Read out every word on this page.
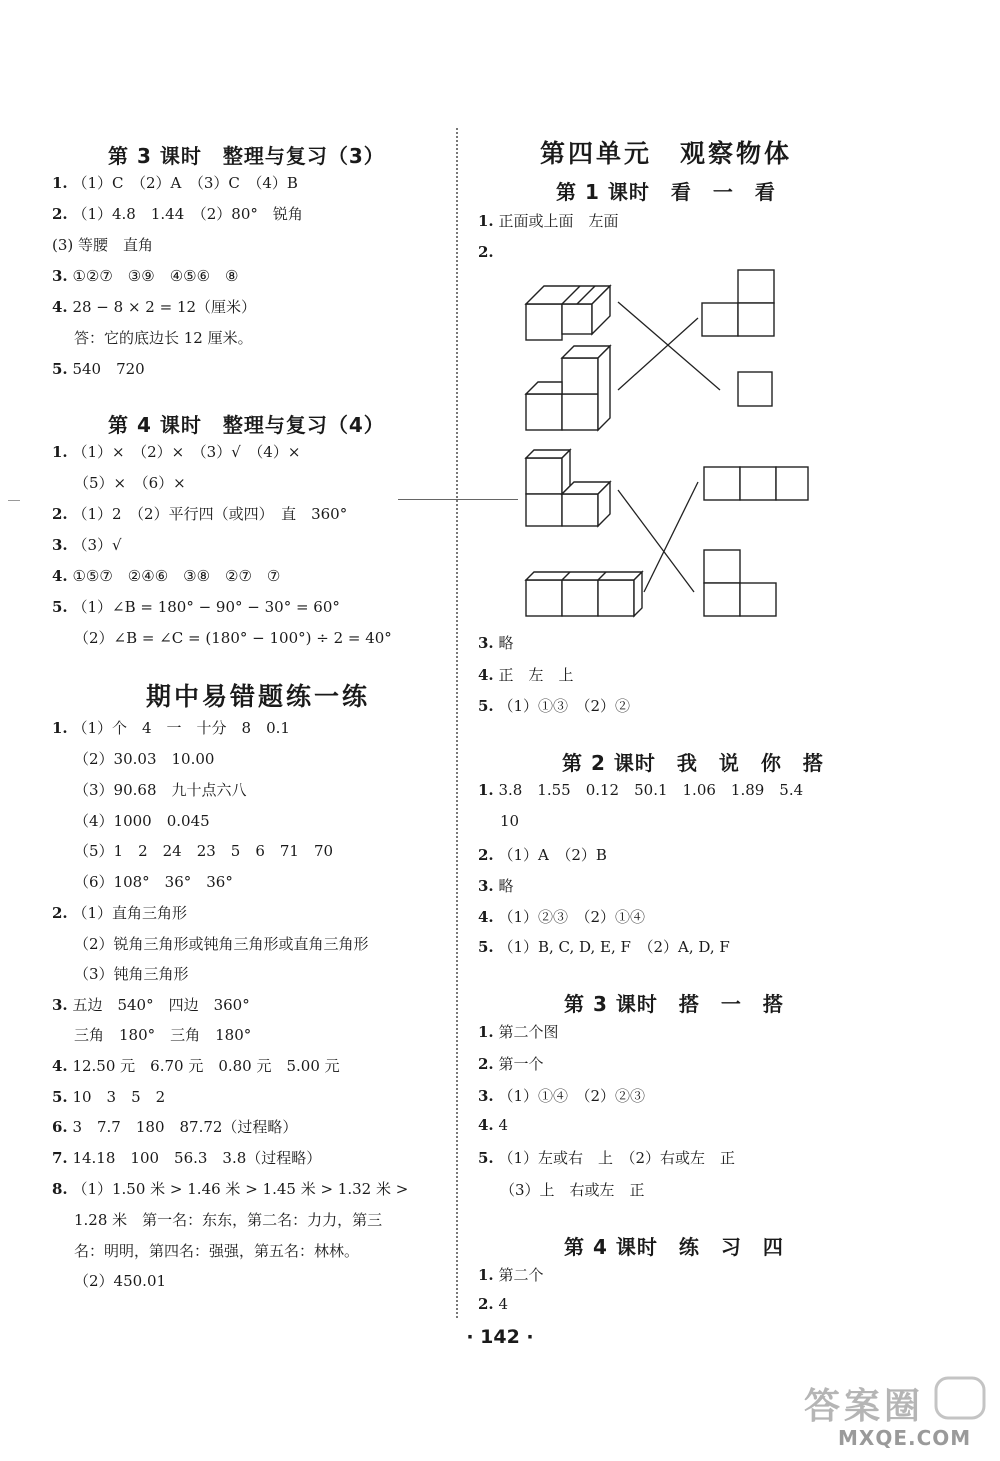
第 3 课时　整理与复习（3）
1. （1）C　（2）A　（3）C　（4）B
2. （1）4.8　1.44　（2）80°　锐角
(3) 等腰　直角
3. ①②⑦　③⑨　④⑤⑥　⑧
4. 28 − 8 × 2 = 12（厘米）
答：它的底边长 12 厘米。
5. 540　720
第 4 课时　整理与复习（4）
1. （1）×　（2）×　（3）√　（4）×
（5）×　（6）×
2. （1）2　（2）平行四（或四）　直　360°
3. （3）√
4. ①⑤⑦　②④⑥　③⑧　②⑦　⑦
5. （1）∠B = 180° − 90° − 30° = 60°
（2）∠B = ∠C = (180° − 100°) ÷ 2 = 40°
期中易错题练一练
1. （1）个　4　一　十分　8　0.1
（2）30.03　10.00
（3）90.68　九十点六八
（4）1000　0.045
（5）1　2　24　23　5　6　71　70
（6）108°　36°　36°
2. （1）直角三角形
（2）锐角三角形或钝角三角形或直角三角形
（3）钝角三角形
3. 五边　540°　四边　360°
三角　180°　三角　180°
4. 12.50 元　6.70 元　0.80 元　5.00 元
5. 10　3　5　2
6. 3　7.7　180　87.72（过程略）
7. 14.18　100　56.3　3.8（过程略）
8. （1）1.50 米 > 1.46 米 > 1.45 米 > 1.32 米 >
1.28 米　第一名：东东，第二名：力力，第三
名：明明，第四名：强强，第五名：林林。
（2）450.01
第四单元　观察物体
第 1 课时　看　一　看
1. 正面或上面　左面
2.
3. 略
4. 正　左　上
5. （1）①③　（2）②
第 2 课时　我　说　你　搭
1. 3.8　1.55　0.12　50.1　1.06　1.89　5.4
10
2. （1）A　（2）B
3. 略
4. （1）②③　（2）①④
5. （1）B, C, D, E, F　（2）A, D, F
第 3 课时　搭　一　搭
1. 第二个图
2. 第一个
3. （1）①④　（2）②③
4. 4
5. （1）左或右　上　（2）右或左　正
（3）上　右或左　正
第 4 课时　练　习　四
1. 第二个
2. 4
· 142 ·
答案圈
MXQE.COM
